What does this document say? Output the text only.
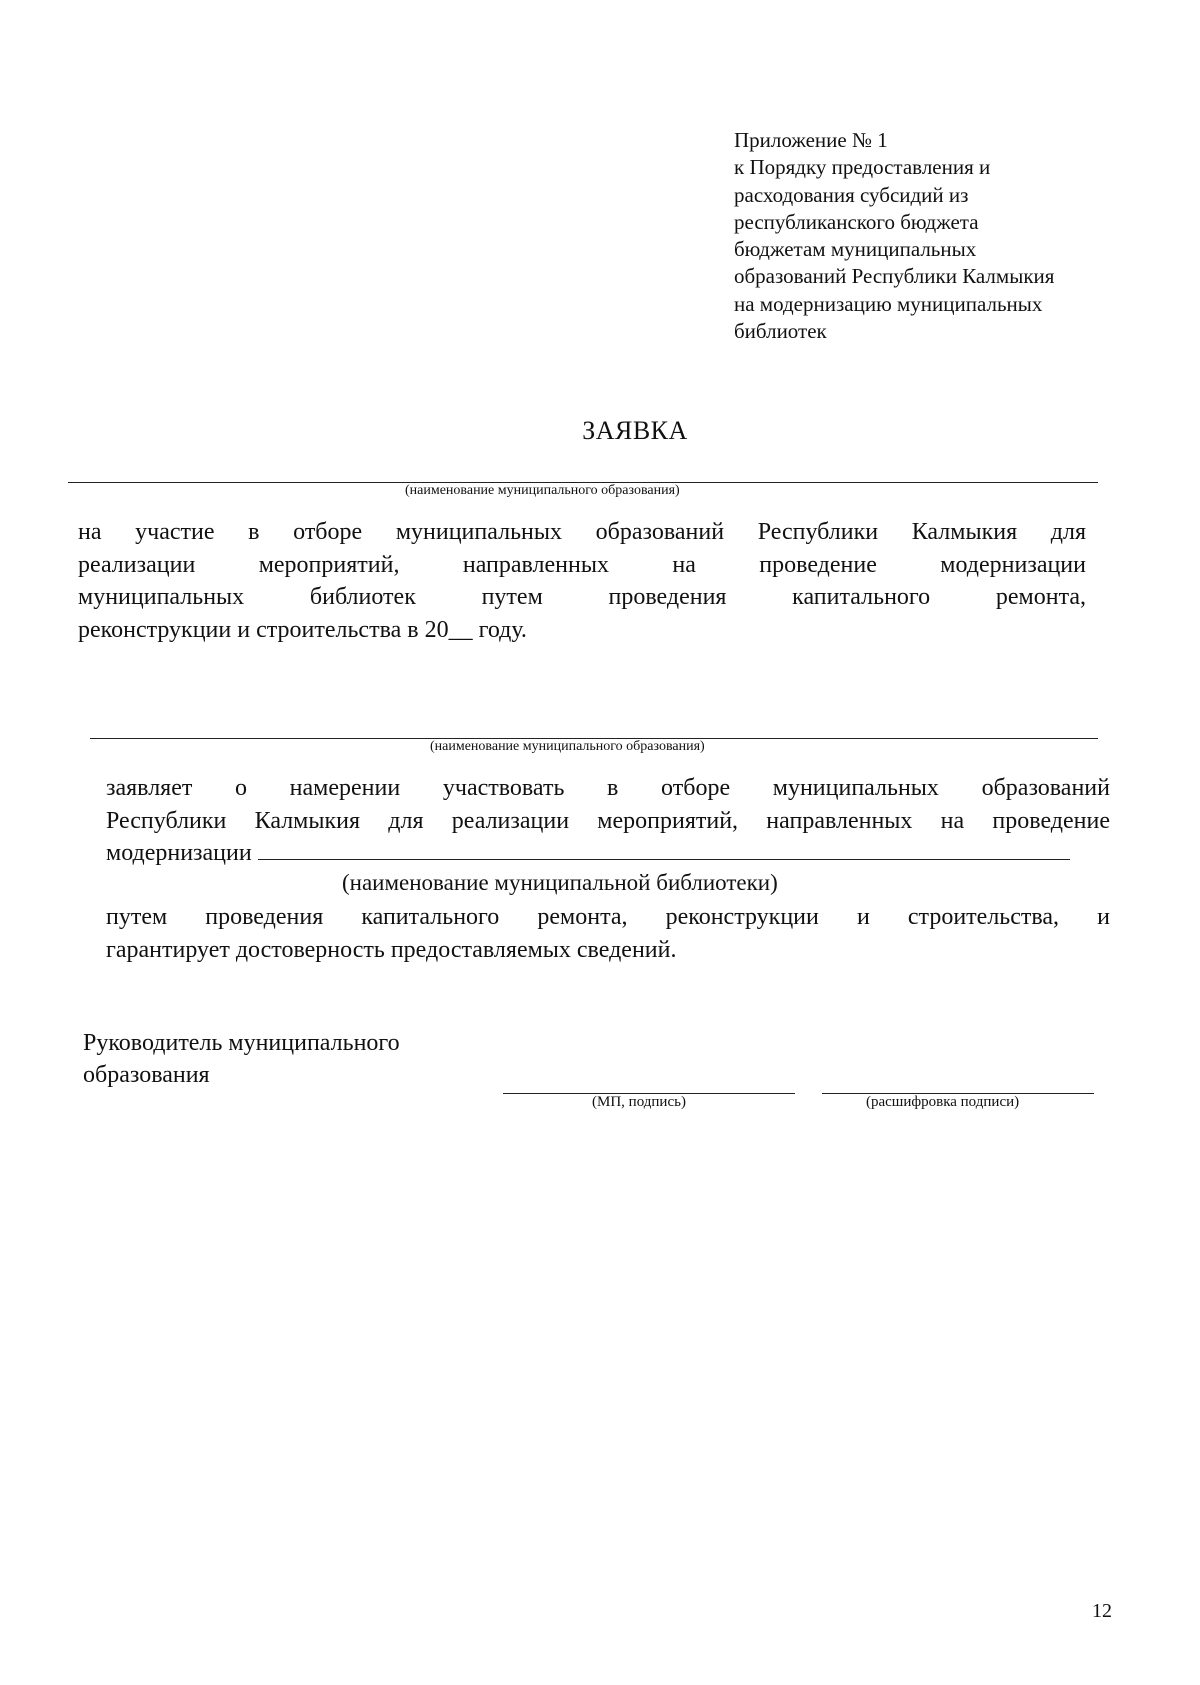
Приложение № 1
к Порядку предоставления и
расходования субсидий из
республиканского бюджета
бюджетам муниципальных
образований Республики Калмыкия
на модернизацию муниципальных
библиотек
ЗАЯВКА
(наименование муниципального образования)
на участие в отборе муниципальных образований Республики Калмыкия для
реализации мероприятий, направленных на проведение модернизации
муниципальных библиотек путем проведения капитального ремонта,
реконструкции и строительства в 20__ году.
(наименование муниципального образования)
заявляет о намерении участвовать в отборе муниципальных образований
Республики Калмыкия для реализации мероприятий, направленных на проведение
модернизации
(наименование муниципальной библиотеки)
путем проведения капитального ремонта, реконструкции и строительства, и
гарантирует достоверность предоставляемых сведений.
Руководитель муниципального
образования
(МП, подпись)	(расшифровка подписи)
12
